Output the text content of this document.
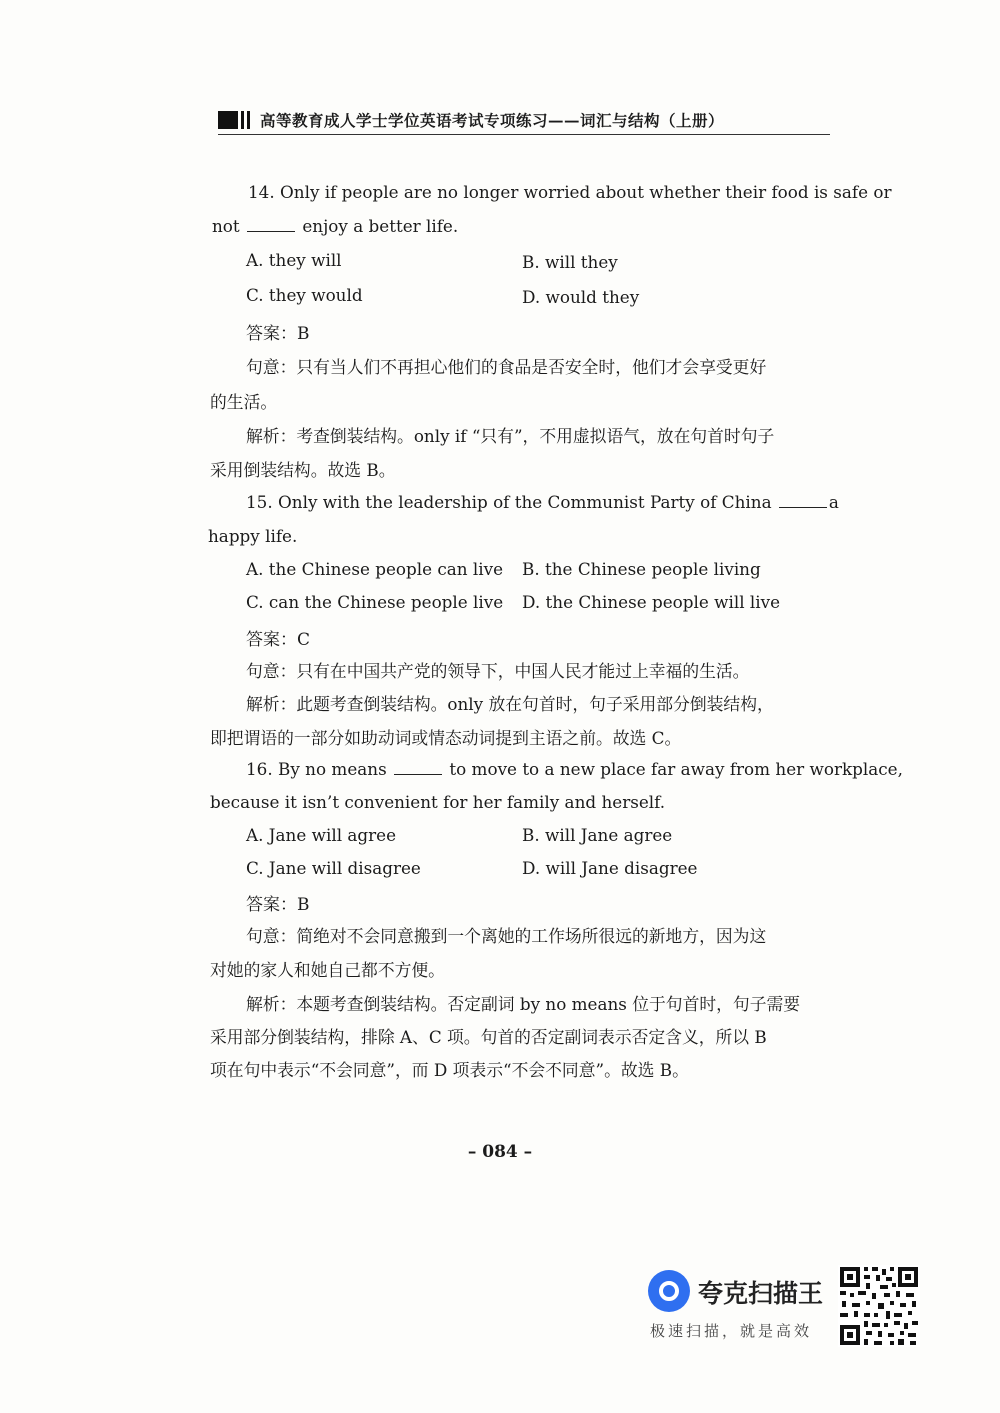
高等教育成人学士学位英语考试专项练习——词汇与结构（上册）
14. Only if people are no longer worried about whether their food is safe or
not	enjoy a better life.
A. they will	B. will they
C. they would	D. would they
答案：B
句意：只有当人们不再担心他们的食品是否安全时，他们才会享受更好
的生活。
解析：考查倒装结构。only if “只有”，不用虚拟语气，放在句首时句子
采用倒装结构。故选 B。
15. Only with the leadership of the Communist Party of China	a
happy life.
A. the Chinese people can live B. the Chinese people living
C. can the Chinese people live D. the Chinese people will live
答案：C
句意：只有在中国共产党的领导下，中国人民才能过上幸福的生活。
解析：此题考查倒装结构。only 放在句首时，句子采用部分倒装结构，
即把谓语的一部分如助动词或情态动词提到主语之前。故选 C。
16. By no means	to move to a new place far away from her workplace,
because it isn’t convenient for her family and herself.
A. Jane will agree	B. will Jane agree
C. Jane will disagree	D. will Jane disagree
答案：B
句意：简绝对不会同意搬到一个离她的工作场所很远的新地方，因为这
对她的家人和她自己都不方便。
解析：本题考查倒装结构。否定副词 by no means 位于句首时，句子需要
采用部分倒装结构，排除 A、C 项。句首的否定副词表示否定含义，所以 B
项在句中表示“不会同意”，而 D 项表示“不会不同意”。故选 B。
– 084 –
夸克扫描王
极速扫描，就是高效
